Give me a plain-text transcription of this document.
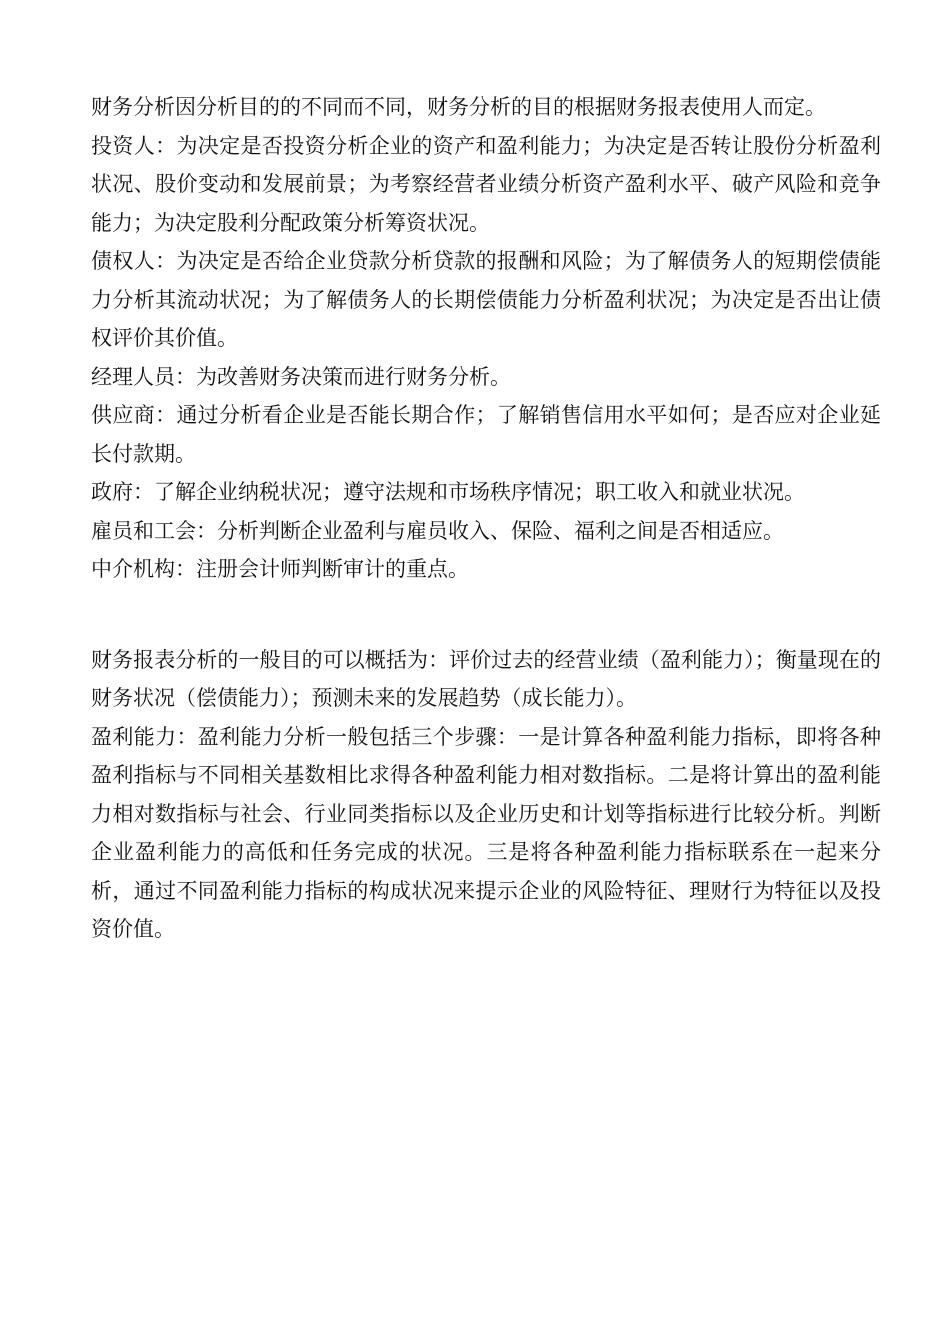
财务分析因分析目的的不同而不同，财务分析的目的根据财务报表使用人而定。

投资人：为决定是否投资分析企业的资产和盈利能力；为决定是否转让股份分析盈利状况、股价变动和发展前景；为考察经营者业绩分析资产盈利水平、破产风险和竞争能力；为决定股利分配政策分析筹资状况。

债权人：为决定是否给企业贷款分析贷款的报酬和风险；为了解债务人的短期偿债能力分析其流动状况；为了解债务人的长期偿债能力分析盈利状况；为决定是否出让债权评价其价值。

经理人员：为改善财务决策而进行财务分析。

供应商：通过分析看企业是否能长期合作；了解销售信用水平如何；是否应对企业延长付款期。

政府：了解企业纳税状况；遵守法规和市场秩序情况；职工收入和就业状况。

雇员和工会：分析判断企业盈利与雇员收入、保险、福利之间是否相适应。

中介机构：注册会计师判断审计的重点。

财务报表分析的一般目的可以概括为：评价过去的经营业绩（盈利能力）；衡量现在的财务状况（偿债能力）；预测未来的发展趋势（成长能力）。

盈利能力：盈利能力分析一般包括三个步骤：一是计算各种盈利能力指标，即将各种盈利指标与不同相关基数相比求得各种盈利能力相对数指标。二是将计算出的盈利能力相对数指标与社会、行业同类指标以及企业历史和计划等指标进行比较分析。判断企业盈利能力的高低和任务完成的状况。三是将各种盈利能力指标联系在一起来分析，通过不同盈利能力指标的构成状况来提示企业的风险特征、理财行为特征以及投资价值。
